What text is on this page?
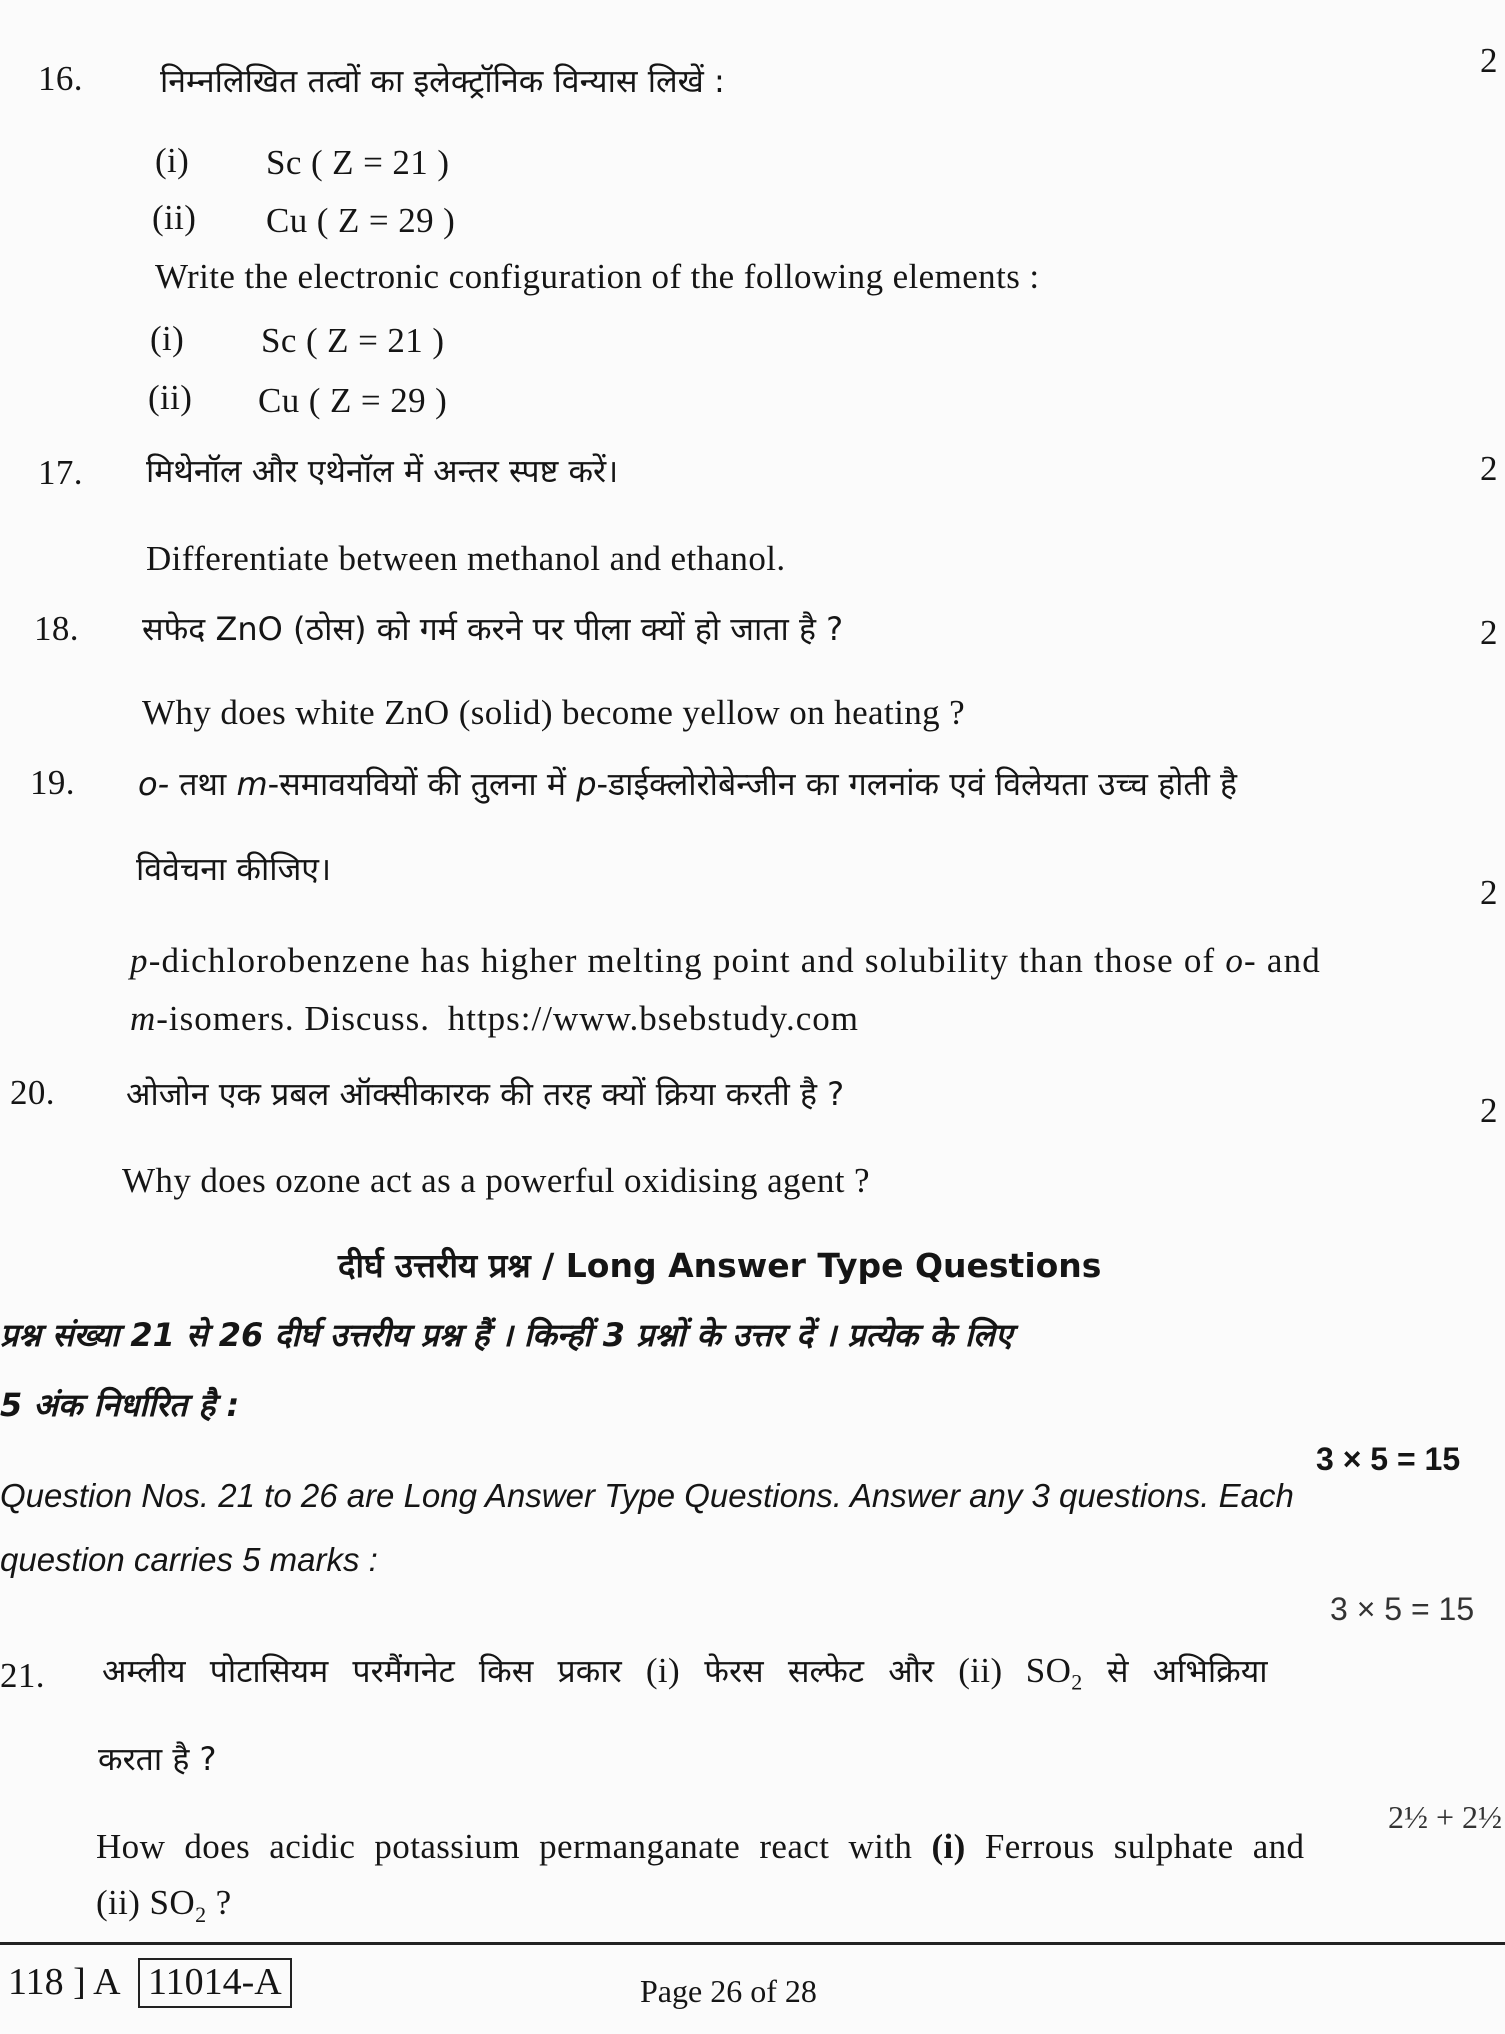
16. निम्नलिखित तत्वों का इलेक्ट्रॉनिक विन्यास लिखें :
2
(i) Sc ( Z = 21 )
(ii) Cu ( Z = 29 )
Write the electronic configuration of the following elements :
(i) Sc ( Z = 21 )
(ii) Cu ( Z = 29 )
17. मिथेनॉल और एथेनॉल में अन्तर स्पष्ट करें।	2
Differentiate between methanol and ethanol.
18. सफेद ZnO (ठोस) को गर्म करने पर पीला क्यों हो जाता है ?	2
Why does white ZnO (solid) become yellow on heating ?
19. o- तथा m-समावयवियों की तुलना में p-डाईक्लोरोबेन्जीन का गलनांक एवं विलेयता उच्च होती है
विवेचना कीजिए।
2
p-dichlorobenzene has higher melting point and solubility than those of o- and
m-isomers. Discuss. https://www.bsebstudy.com
20. ओजोन एक प्रबल ऑक्सीकारक की तरह क्यों क्रिया करती है ?	2
Why does ozone act as a powerful oxidising agent ?
दीर्घ उत्तरीय प्रश्न / Long Answer Type Questions
प्रश्न संख्या 21 से 26 दीर्घ उत्तरीय प्रश्न हैं । किन्हीं 3 प्रश्नों के उत्तर दें । प्रत्येक के लिए
5 अंक निर्धारित है :
3 × 5 = 15
Question Nos. 21 to 26 are Long Answer Type Questions. Answer any 3 questions. Each
question carries 5 marks :
3 × 5 = 15
21. अम्लीय पोटासियम परमैंगनेट किस प्रकार (i) फेरस सल्फेट और (ii) $SO_2$ से अभिक्रिया
करता है ?
2½ + 2½
How does acidic potassium permanganate react with (i) Ferrous sulphate and
(ii) $SO_2$ ?
118 ] A 11014-A	Page 26 of 28
